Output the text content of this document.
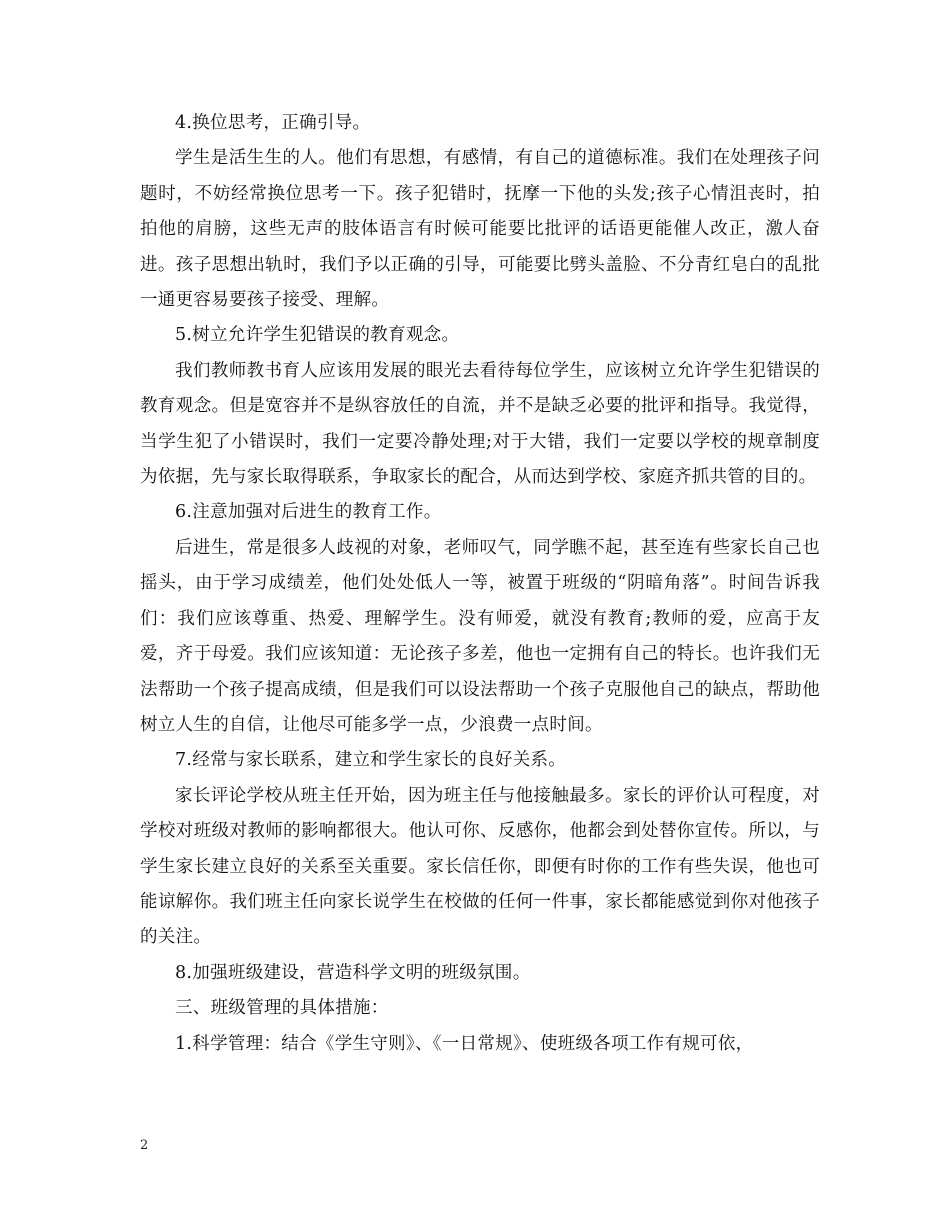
4.换位思考，正确引导。

学生是活生生的人。他们有思想，有感情，有自己的道德标准。我们在处理孩子问题时，不妨经常换位思考一下。孩子犯错时，抚摩一下他的头发;孩子心情沮丧时，拍拍他的肩膀，这些无声的肢体语言有时候可能要比批评的话语更能催人改正，激人奋进。孩子思想出轨时，我们予以正确的引导，可能要比劈头盖脸、不分青红皂白的乱批一通更容易要孩子接受、理解。

5.树立允许学生犯错误的教育观念。

我们教师教书育人应该用发展的眼光去看待每位学生，应该树立允许学生犯错误的教育观念。但是宽容并不是纵容放任的自流，并不是缺乏必要的批评和指导。我觉得，当学生犯了小错误时，我们一定要冷静处理;对于大错，我们一定要以学校的规章制度为依据，先与家长取得联系，争取家长的配合，从而达到学校、家庭齐抓共管的目的。

6.注意加强对后进生的教育工作。

后进生，常是很多人歧视的对象，老师叹气，同学瞧不起，甚至连有些家长自己也摇头，由于学习成绩差，他们处处低人一等，被置于班级的“阴暗角落”。时间告诉我们：我们应该尊重、热爱、理解学生。没有师爱，就没有教育;教师的爱，应高于友爱，齐于母爱。我们应该知道：无论孩子多差，他也一定拥有自己的特长。也许我们无法帮助一个孩子提高成绩，但是我们可以设法帮助一个孩子克服他自己的缺点，帮助他树立人生的自信，让他尽可能多学一点，少浪费一点时间。

7.经常与家长联系，建立和学生家长的良好关系。

家长评论学校从班主任开始，因为班主任与他接触最多。家长的评价认可程度，对学校对班级对教师的影响都很大。他认可你、反感你，他都会到处替你宣传。所以，与学生家长建立良好的关系至关重要。家长信任你，即便有时你的工作有些失误，他也可能谅解你。我们班主任向家长说学生在校做的任何一件事，家长都能感觉到你对他孩子的关注。

8.加强班级建设，营造科学文明的班级氛围。

三、班级管理的具体措施：

1.科学管理：结合《学生守则》、《一日常规》、使班级各项工作有规可依，

2
